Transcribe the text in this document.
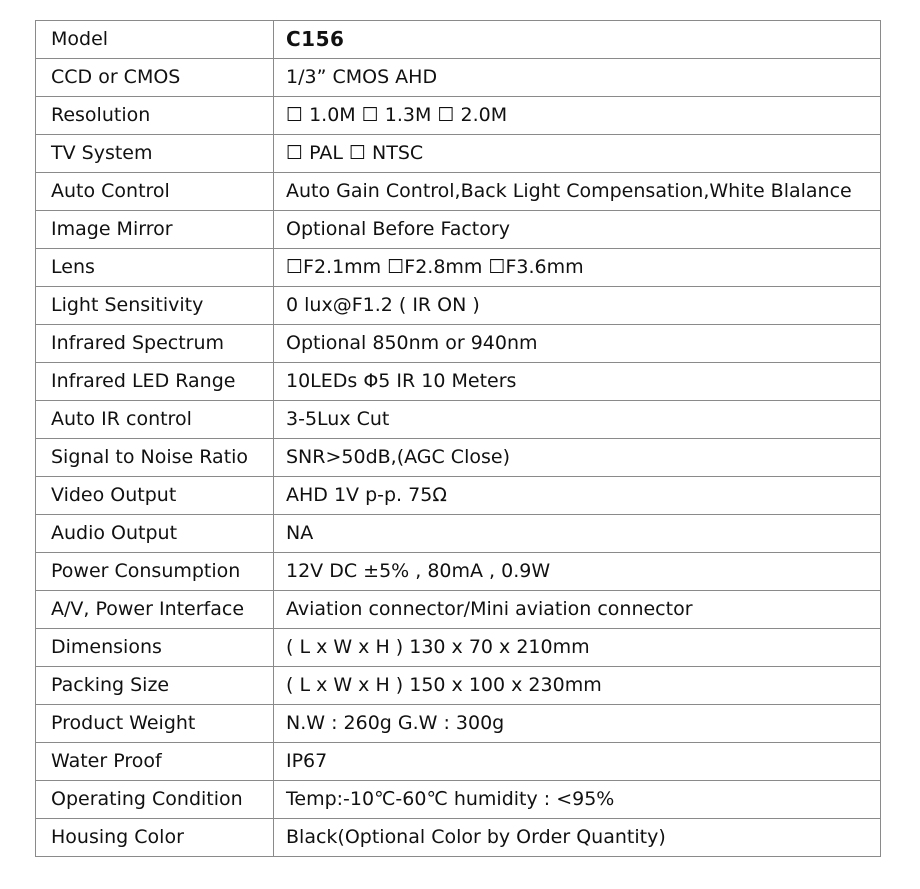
Model	C156
CCD or CMOS	1/3” CMOS AHD
Resolution	☐ 1.0M ☐ 1.3M ☐ 2.0M
TV System	☐ PAL ☐ NTSC
Auto Control	Auto Gain Control,Back Light Compensation,White Blalance
Image Mirror	Optional Before Factory
Lens	☐F2.1mm ☐F2.8mm ☐F3.6mm
Light Sensitivity	0 lux@F1.2 ( IR ON )
Infrared Spectrum	Optional 850nm or 940nm
Infrared LED Range	10LEDs Φ5 IR 10 Meters
Auto IR control	3-5Lux Cut
Signal to Noise Ratio	SNR>50dB,(AGC Close)
Video Output	AHD 1V p-p. 75Ω
Audio Output	NA
Power Consumption	12V DC ±5% , 80mA , 0.9W
A/V, Power Interface	Aviation connector/Mini aviation connector
Dimensions	( L x W x H ) 130 x 70 x 210mm
Packing Size	( L x W x H ) 150 x 100 x 230mm
Product Weight	N.W : 260g G.W : 300g
Water Proof	IP67
Operating Condition	Temp:-10℃-60℃ humidity : <95%
Housing Color	Black(Optional Color by Order Quantity)
